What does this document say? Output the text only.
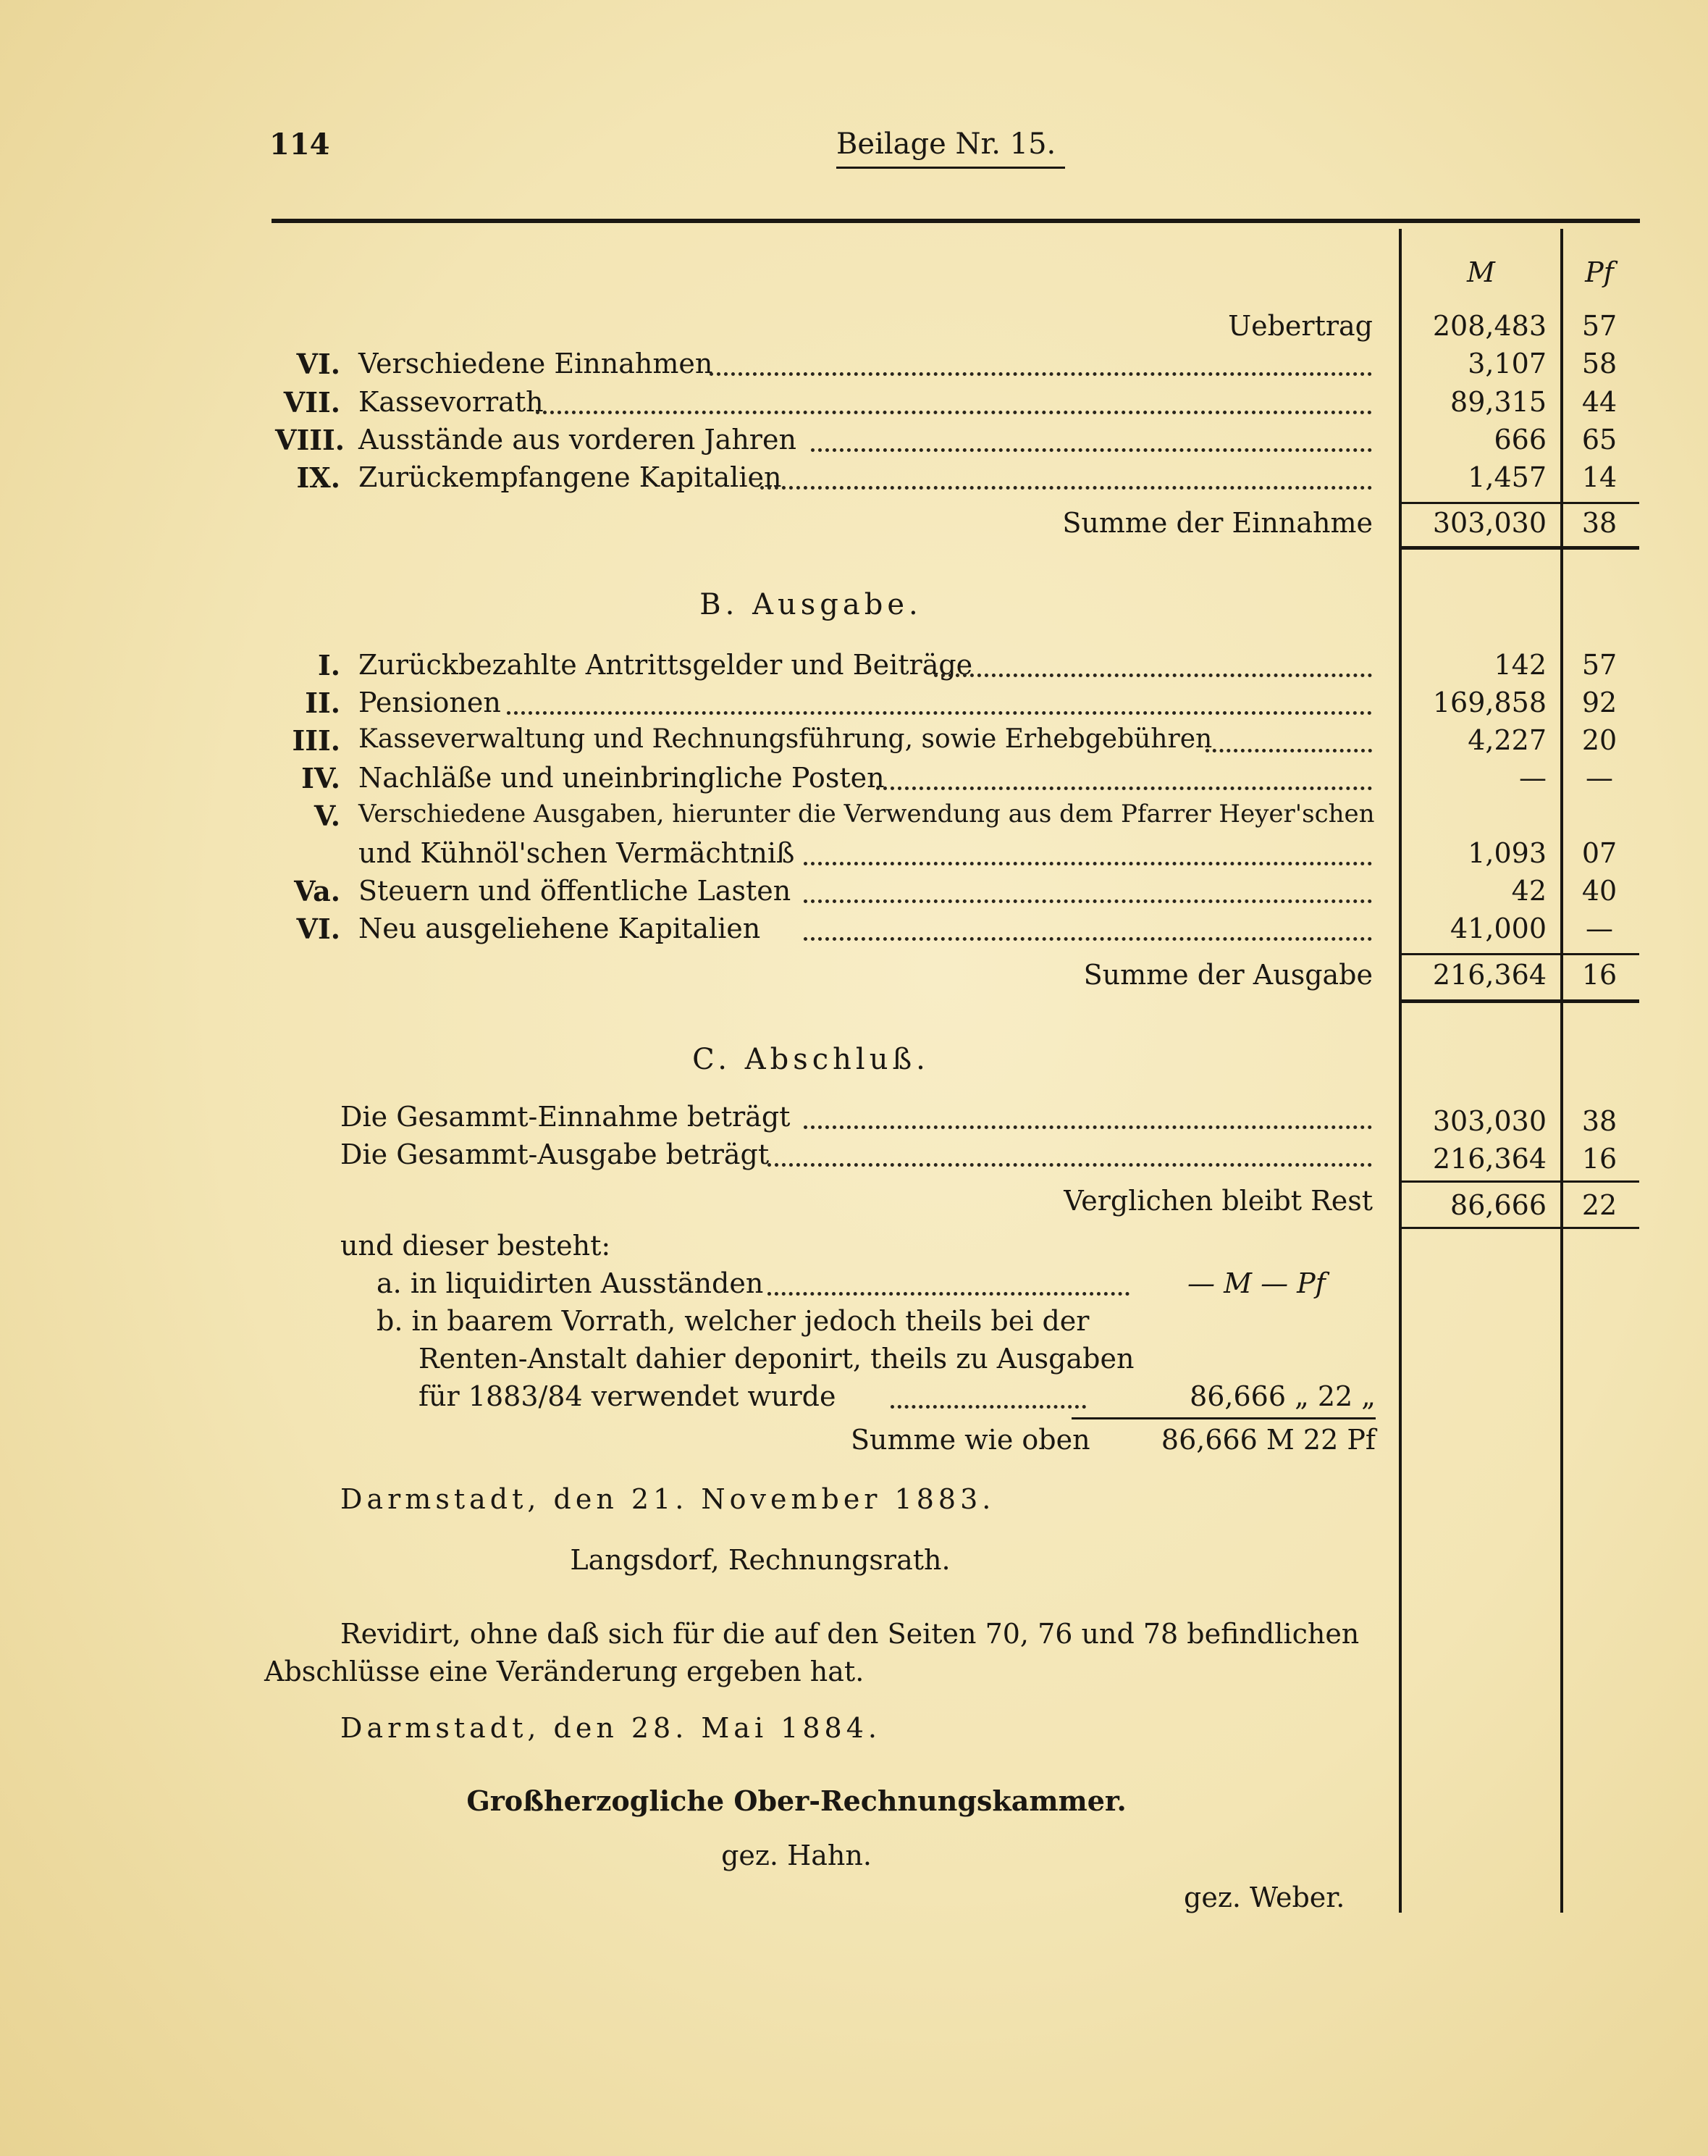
114	Beilage Nr. 15.
M	Pf
Uebertrag	208,483	57
VI. Verschiedene Einnahmen	3,107	58
VII. Kassevorrath	89,315	44
VIII. Ausstände aus vorderen Jahren	666	65
IX. Zurückempfangene Kapitalien	1,457	14
Summe der Einnahme	303,030	38
B. Ausgabe.
I. Zurückbezahlte Antrittsgelder und Beiträge	142	57
II. Pensionen	169,858	92
III. Kasseverwaltung und Rechnungsführung, sowie Erhebgebühren	4,227	20
IV. Nachläße und uneinbringliche Posten	—	—
V. Verschiedene Ausgaben, hierunter die Verwendung aus dem Pfarrer Heyer'schen
und Kühnöl'schen Vermächtniß	1,093	07
Va. Steuern und öffentliche Lasten	42	40
VI. Neu ausgeliehene Kapitalien	41,000	—
Summe der Ausgabe	216,364	16
C. Abschluß.
Die Gesammt-Einnahme beträgt	303,030	38
Die Gesammt-Ausgabe beträgt	216,364	16
Verglichen bleibt Rest	86,666	22
und dieser besteht:
a. in liquidirten Ausständen	— M — Pf
b. in baarem Vorrath, welcher jedoch theils bei der
Renten-Anstalt dahier deponirt, theils zu Ausgaben
für 1883/84 verwendet wurde	86,666 „ 22 „
Summe wie oben	86,666 M 22 Pf
Darmstadt, den 21. November 1883.
Langsdorf, Rechnungsrath.
Revidirt, ohne daß sich für die auf den Seiten 70, 76 und 78 befindlichen
Abschlüsse eine Veränderung ergeben hat.
Darmstadt, den 28. Mai 1884.
Großherzogliche Ober-Rechnungskammer.
gez. Hahn.
gez. Weber.
